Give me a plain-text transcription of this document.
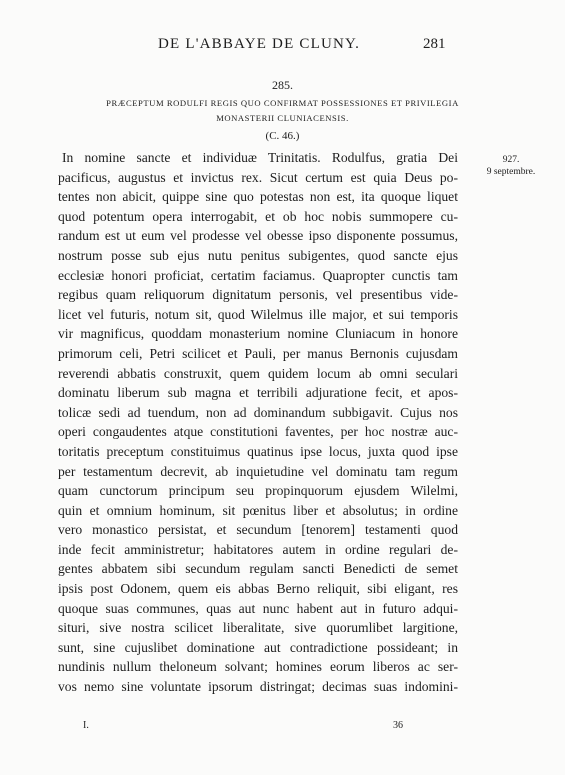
DE L'ABBAYE DE CLUNY.	281
285.
PRÆCEPTUM RODULFI REGIS QUO CONFIRMAT POSSESSIONES ET PRIVILEGIA
MONASTERII CLUNIACENSIS.
(C. 46.)
927.
9 septembre.
In nomine sancte et individuæ Trinitatis. Rodulfus, gratia Dei
pacificus, augustus et invictus rex. Sicut certum est quia Deus po-
tentes non abicit, quippe sine quo potestas non est, ita quoque liquet
quod potentum opera interrogabit, et ob hoc nobis summopere cu-
randum est ut eum vel prodesse vel obesse ipso disponente possumus,
nostrum posse sub ejus nutu penitus subigentes, quod sancte ejus
ecclesiæ honori proficiat, certatim faciamus. Quapropter cunctis tam
regibus quam reliquorum dignitatum personis, vel presentibus vide-
licet vel futuris, notum sit, quod Wilelmus ille major, et sui temporis
vir magnificus, quoddam monasterium nomine Cluniacum in honore
primorum celi, Petri scilicet et Pauli, per manus Bernonis cujusdam
reverendi abbatis construxit, quem quidem locum ab omni seculari
dominatu liberum sub magna et terribili adjuratione fecit, et apos-
tolicæ sedi ad tuendum, non ad dominandum subbigavit. Cujus nos
operi congaudentes atque constitutioni faventes, per hoc nostræ auc-
toritatis preceptum constituimus quatinus ipse locus, juxta quod ipse
per testamentum decrevit, ab inquietudine vel dominatu tam regum
quam cunctorum principum seu propinquorum ejusdem Wilelmi,
quin et omnium hominum, sit pœnitus liber et absolutus; in ordine
vero monastico persistat, et secundum [tenorem] testamenti quod
inde fecit amministretur; habitatores autem in ordine regulari de-
gentes abbatem sibi secundum regulam sancti Benedicti de semet
ipsis post Odonem, quem eis abbas Berno reliquit, sibi eligant, res
quoque suas communes, quas aut nunc habent aut in futuro adqui-
situri, sive nostra scilicet liberalitate, sive quorumlibet largitione,
sunt, sine cujuslibet dominatione aut contradictione possideant; in
nundinis nullum theloneum solvant; homines eorum liberos ac ser-
vos nemo sine voluntate ipsorum distringat; decimas suas indomini-
I.	36
